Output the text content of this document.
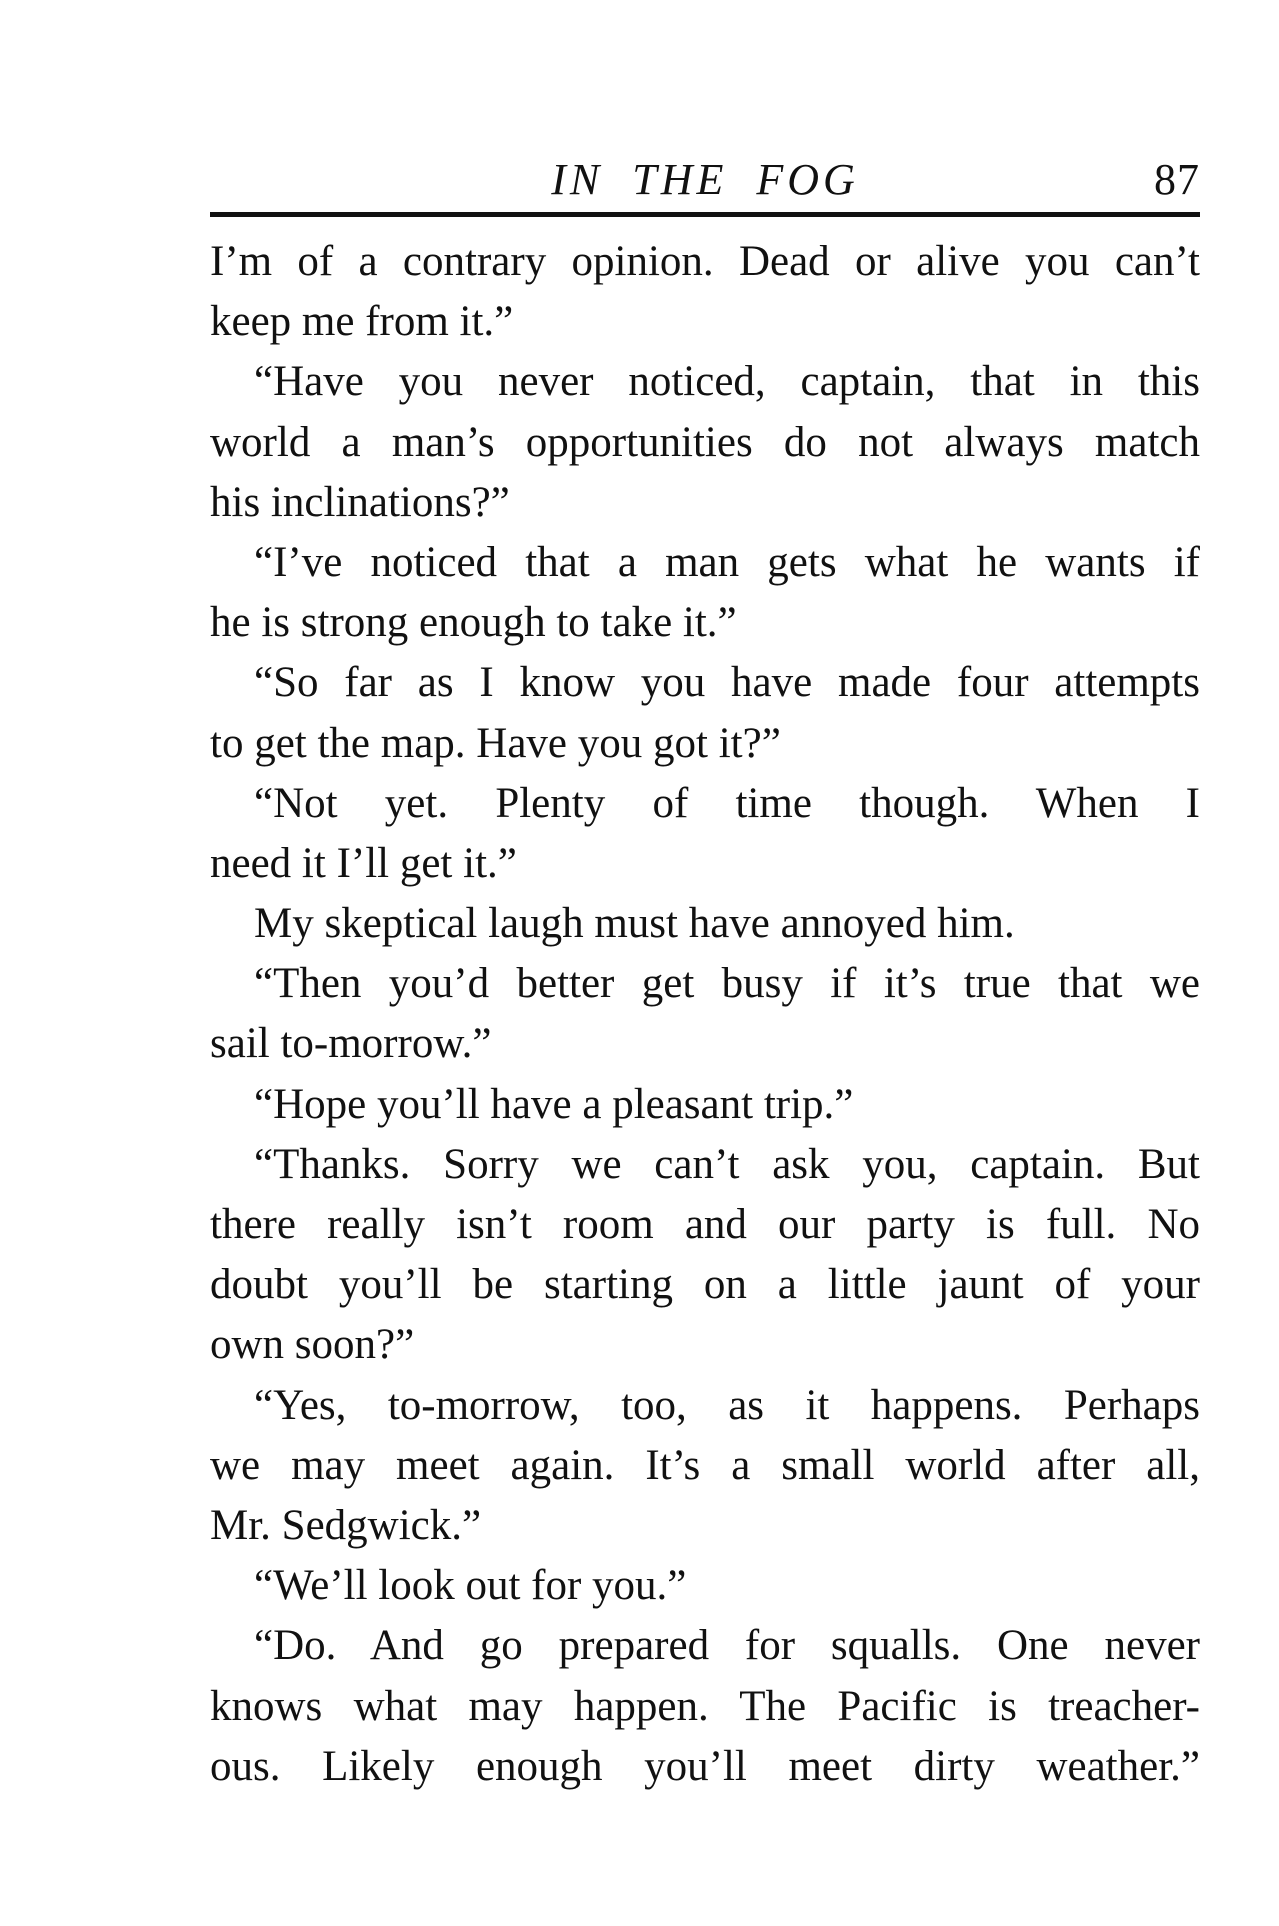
IN THE FOG	87
I’m of a contrary opinion. Dead or alive you can’t
keep me from it.”
“Have you never noticed, captain, that in this
world a man’s opportunities do not always match
his inclinations?”
“I’ve noticed that a man gets what he wants if
he is strong enough to take it.”
“So far as I know you have made four attempts
to get the map. Have you got it?”
“Not yet. Plenty of time though. When I
need it I’ll get it.”
My skeptical laugh must have annoyed him.
“Then you’d better get busy if it’s true that we
sail to-morrow.”
“Hope you’ll have a pleasant trip.”
“Thanks. Sorry we can’t ask you, captain. But
there really isn’t room and our party is full. No
doubt you’ll be starting on a little jaunt of your
own soon?”
“Yes, to-morrow, too, as it happens. Perhaps
we may meet again. It’s a small world after all,
Mr. Sedgwick.”
“We’ll look out for you.”
“Do. And go prepared for squalls. One never
knows what may happen. The Pacific is treacher-
ous. Likely enough you’ll meet dirty weather.”
